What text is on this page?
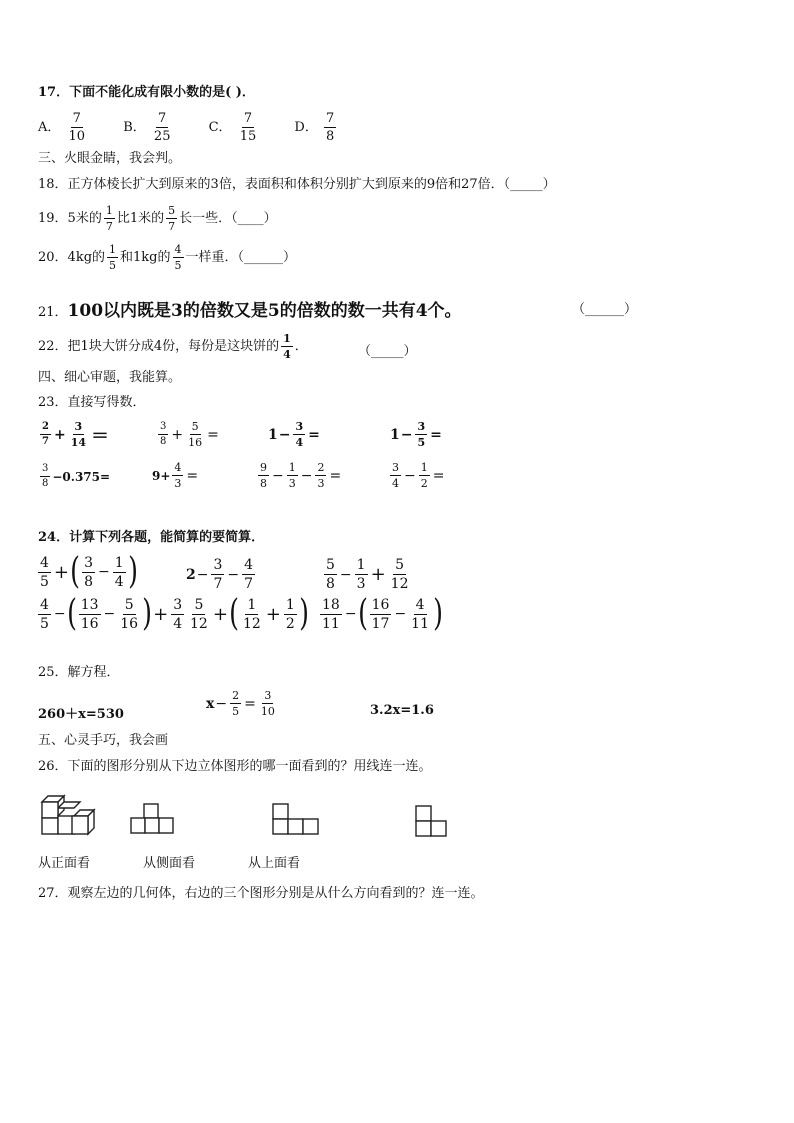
17．下面不能化成有限小数的是( )．
A． $\frac{7}{10}$	B． $\frac{7}{25}$	C． $\frac{7}{15}$	D． $\frac{7}{8}$
三、火眼金睛，我会判。
18．正方体棱长扩大到原来的3倍，表面积和体积分别扩大到原来的9倍和27倍．（_____）
19．5米的 $\frac{1}{7}$ 比1米的 $\frac{5}{7}$ 长一些．（____）
20．4kg的 $\frac{1}{5}$ 和1kg的 $\frac{4}{5}$ 一样重．（______）
21．100以内既是3的倍数又是5的倍数的数一共有4个。	（______）
22．把1块大饼分成4份，每份是这块饼的 $\frac{1}{4}$ ．	（_____）
四、细心审题，我能算。
23．直接写得数．
$\frac{2}{7} + \frac{3}{14}$ ＝	$\frac{3}{8} + \frac{5}{16}$ =	$1 - \frac{3}{4}$ =	$1 - \frac{3}{5}$ =
$\frac{3}{8} -0.375=$	$9+ \frac{4}{3}$ =	$\frac{9}{8} - \frac{1}{3} - \frac{2}{3}$ =	$\frac{3}{4} - \frac{1}{2}$ =
24．计算下列各题，能简算的要简算．
$\frac{4}{5}$ + ( $\frac{3}{8} - \frac{1}{4}$ )	$2 - \frac{3}{7} - \frac{4}{7}$	$\frac{5}{8} - \frac{1}{3} + \frac{5}{12}$
$\frac{4}{5}$ − ( $\frac{13}{16} - \frac{5}{16}$ ) + $\frac{3}{4} \frac{5}{12}$ + ( $\frac{1}{12} + \frac{1}{2}$ ) $\frac{18}{11}$ − ( $\frac{16}{17} - \frac{4}{11}$ )
25．解方程．
260＋x=530
$x - \frac{2}{5} = \frac{3}{10}$	3.2x=1.6
五、心灵手巧，我会画
26．下面的图形分别从下边立体图形的哪一面看到的？用线连一连。
从正面看	从侧面看	从上面看
27．观察左边的几何体，右边的三个图形分别是从什么方向看到的？连一连。
